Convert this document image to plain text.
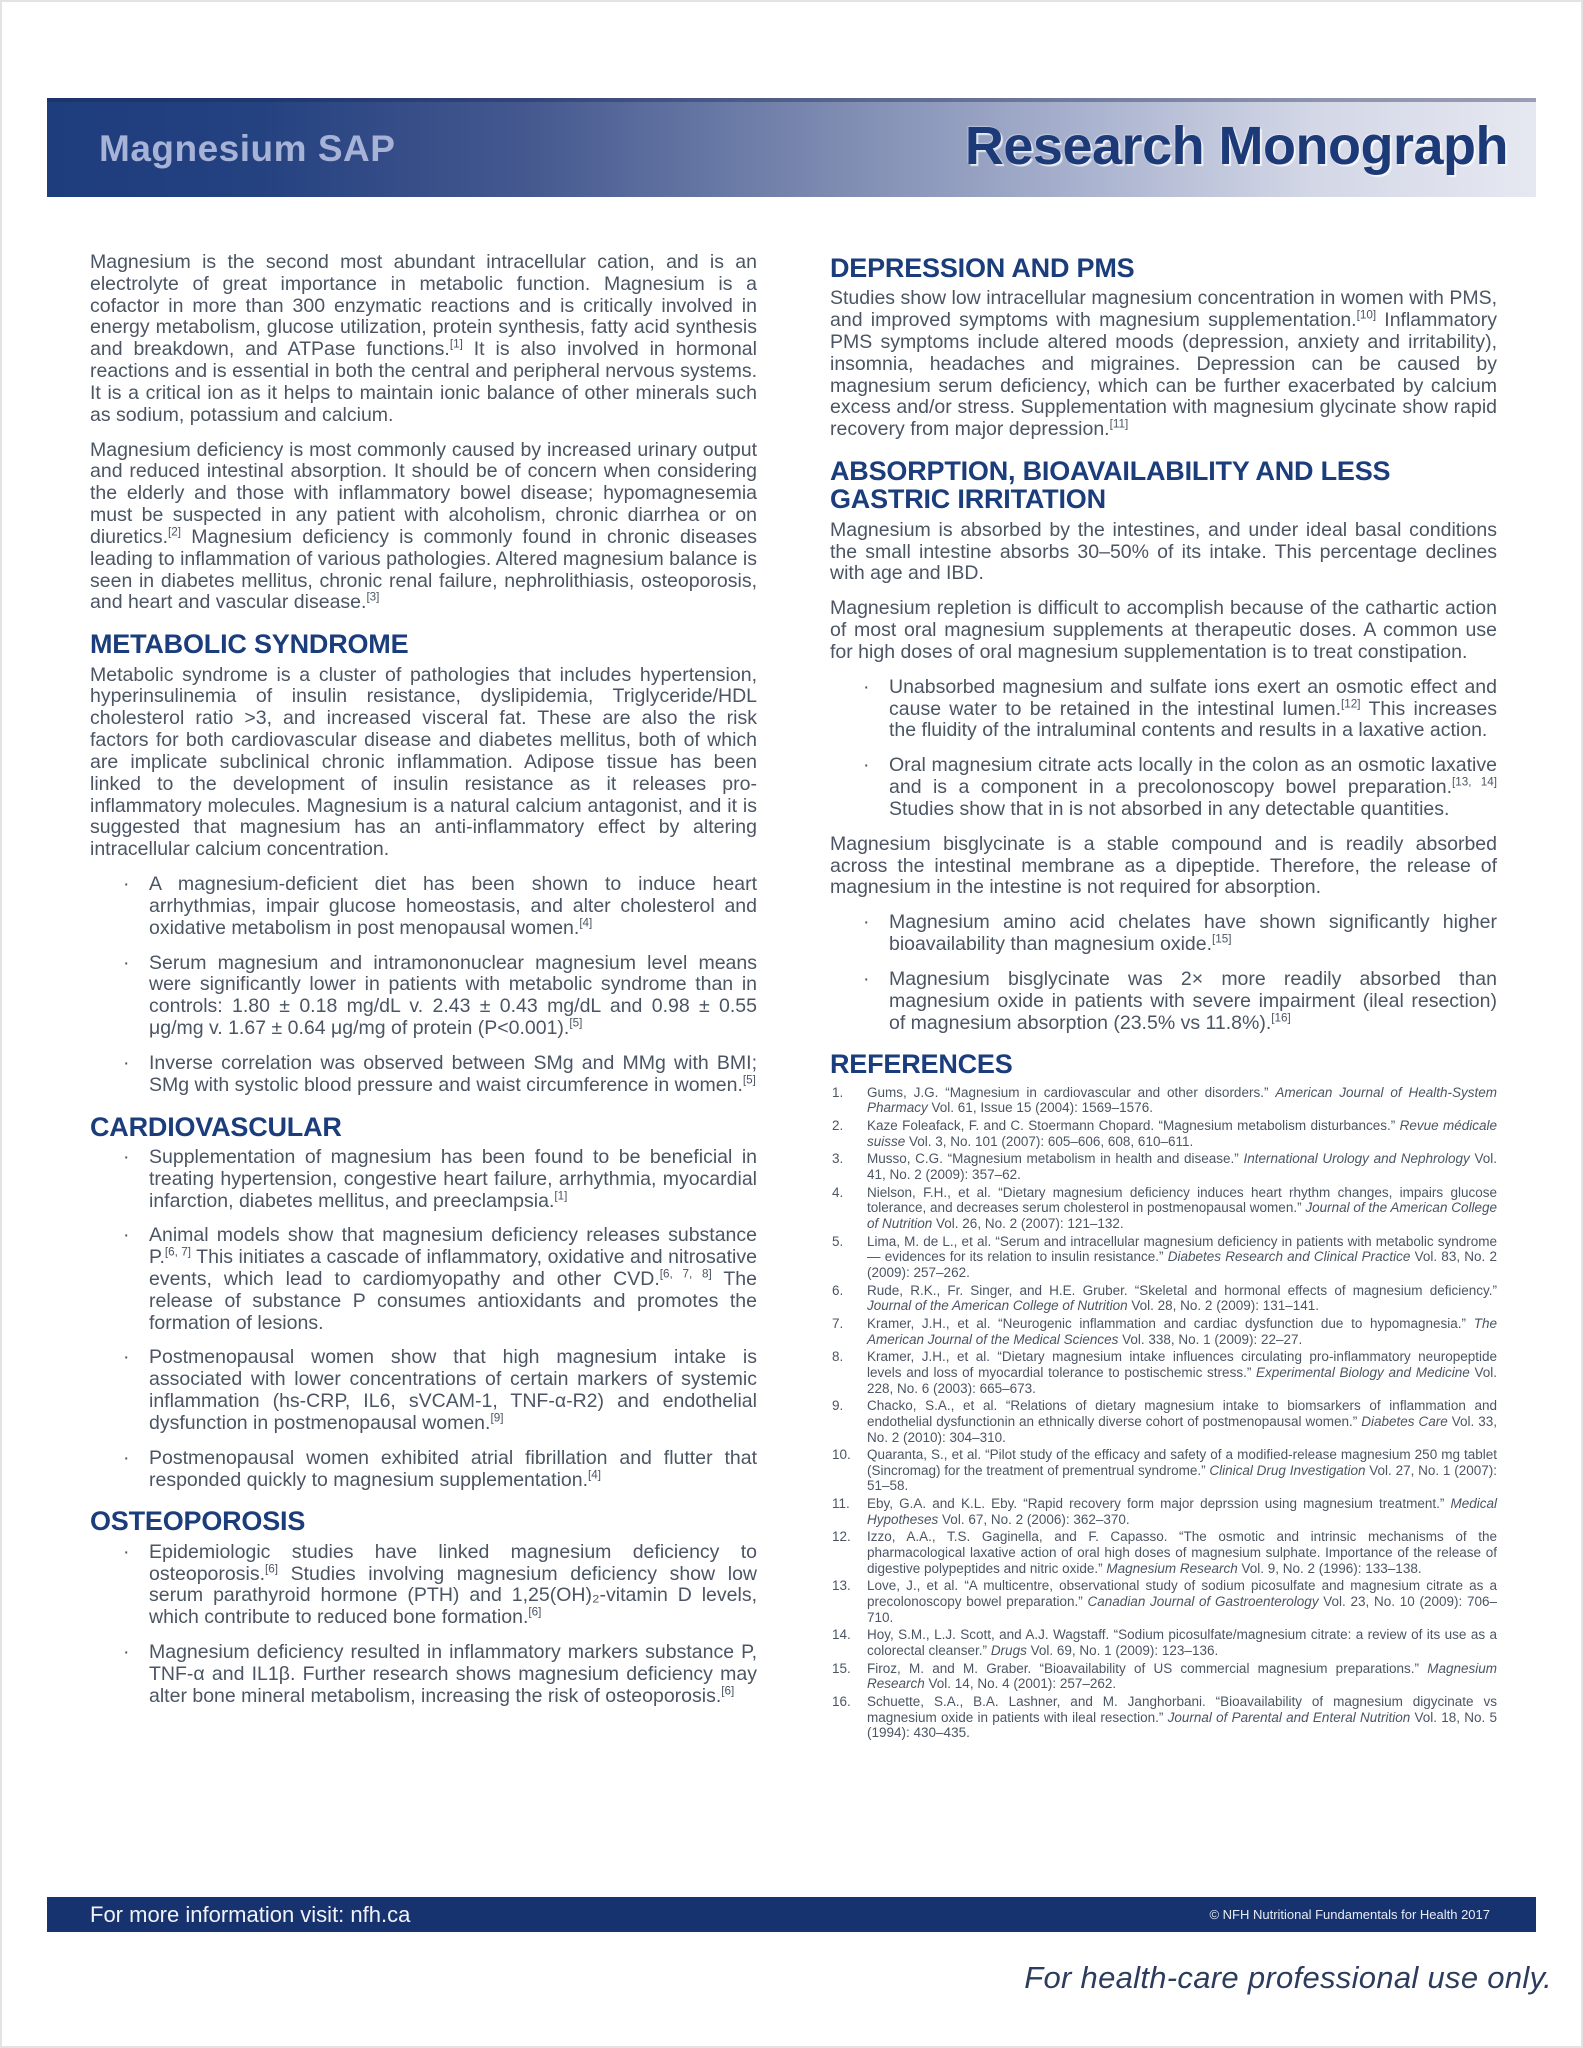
Magnesium SAP	Research Monograph

Magnesium is the second most abundant intracellular cation, and is an electrolyte of great importance in metabolic function. Magnesium is a cofactor in more than 300 enzymatic reactions and is critically involved in energy metabolism, glucose utilization, protein synthesis, fatty acid synthesis and breakdown, and ATPase functions.[1] It is also involved in hormonal reactions and is essential in both the central and peripheral nervous systems. It is a critical ion as it helps to maintain ionic balance of other minerals such as sodium, potassium and calcium.

Magnesium deficiency is most commonly caused by increased urinary output and reduced intestinal absorption. It should be of concern when considering the elderly and those with inflammatory bowel disease; hypomagnesemia must be suspected in any patient with alcoholism, chronic diarrhea or on diuretics.[2] Magnesium deficiency is commonly found in chronic diseases leading to inflammation of various pathologies. Altered magnesium balance is seen in diabetes mellitus, chronic renal failure, nephrolithiasis, osteoporosis, and heart and vascular disease.[3]

METABOLIC SYNDROME

Metabolic syndrome is a cluster of pathologies that includes hypertension, hyperinsulinemia of insulin resistance, dyslipidemia, Triglyceride/HDL cholesterol ratio >3, and increased visceral fat. These are also the risk factors for both cardiovascular disease and diabetes mellitus, both of which are implicate subclinical chronic inflammation. Adipose tissue has been linked to the development of insulin resistance as it releases pro-inflammatory molecules. Magnesium is a natural calcium antagonist, and it is suggested that magnesium has an anti-inflammatory effect by altering intracellular calcium concentration.

· A magnesium-deficient diet has been shown to induce heart arrhythmias, impair glucose homeostasis, and alter cholesterol and oxidative metabolism in post menopausal women.[4]

· Serum magnesium and intramononuclear magnesium level means were significantly lower in patients with metabolic syndrome than in controls: 1.80 ± 0.18 mg/dL v. 2.43 ± 0.43 mg/dL and 0.98 ± 0.55 μg/mg v. 1.67 ± 0.64 μg/mg of protein (P<0.001).[5]

· Inverse correlation was observed between SMg and MMg with BMI; SMg with systolic blood pressure and waist circumference in women.[5]

CARDIOVASCULAR
· Supplementation of magnesium has been found to be beneficial in treating hypertension, congestive heart failure, arrhythmia, myocardial infarction, diabetes mellitus, and preeclampsia.[1]

· Animal models show that magnesium deficiency releases substance P.[6, 7] This initiates a cascade of inflammatory, oxidative and nitrosative events, which lead to cardiomyopathy and other CVD.[6, 7, 8] The release of substance P consumes antioxidants and promotes the formation of lesions.

· Postmenopausal women show that high magnesium intake is associated with lower concentrations of certain markers of systemic inflammation (hs-CRP, IL6, sVCAM-1, TNF-α-R2) and endothelial dysfunction in postmenopausal women.[9]

· Postmenopausal women exhibited atrial fibrillation and flutter that responded quickly to magnesium supplementation.[4]

OSTEOPOROSIS
· Epidemiologic studies have linked magnesium deficiency to osteoporosis.[6] Studies involving magnesium deficiency show low serum parathyroid hormone (PTH) and 1,25(OH)₂-vitamin D levels, which contribute to reduced bone formation.[6]

· Magnesium deficiency resulted in inflammatory markers substance P, TNF-α and IL1β. Further research shows magnesium deficiency may alter bone mineral metabolism, increasing the risk of osteoporosis.[6]

DEPRESSION AND PMS

Studies show low intracellular magnesium concentration in women with PMS, and improved symptoms with magnesium supplementation.[10] Inflammatory PMS symptoms include altered moods (depression, anxiety and irritability), insomnia, headaches and migraines. Depression can be caused by magnesium serum deficiency, which can be further exacerbated by calcium excess and/or stress. Supplementation with magnesium glycinate show rapid recovery from major depression.[11]

ABSORPTION, BIOAVAILABILITY AND LESS GASTRIC IRRITATION

Magnesium is absorbed by the intestines, and under ideal basal conditions the small intestine absorbs 30–50% of its intake. This percentage declines with age and IBD.

Magnesium repletion is difficult to accomplish because of the cathartic action of most oral magnesium supplements at therapeutic doses. A common use for high doses of oral magnesium supplementation is to treat constipation.

· Unabsorbed magnesium and sulfate ions exert an osmotic effect and cause water to be retained in the intestinal lumen.[12] This increases the fluidity of the intraluminal contents and results in a laxative action.

· Oral magnesium citrate acts locally in the colon as an osmotic laxative and is a component in a precolonoscopy bowel preparation.[13, 14] Studies show that in is not absorbed in any detectable quantities.

Magnesium bisglycinate is a stable compound and is readily absorbed across the intestinal membrane as a dipeptide. Therefore, the release of magnesium in the intestine is not required for absorption.

· Magnesium amino acid chelates have shown significantly higher bioavailability than magnesium oxide.[15]

· Magnesium bisglycinate was 2× more readily absorbed than magnesium oxide in patients with severe impairment (ileal resection) of magnesium absorption (23.5% vs 11.8%).[16]

REFERENCES
Gums, J.G. “Magnesium in cardiovascular and other disorders.” American Journal of Health-System Pharmacy Vol. 61, Issue 15 (2004): 1569–1576.
Kaze Foleafack, F. and C. Stoermann Chopard. “Magnesium metabolism disturbances.” Revue médicale suisse Vol. 3, No. 101 (2007): 605–606, 608, 610–611.
Musso, C.G. “Magnesium metabolism in health and disease.” International Urology and Nephrology Vol. 41, No. 2 (2009): 357–62.
Nielson, F.H., et al. “Dietary magnesium deficiency induces heart rhythm changes, impairs glucose tolerance, and decreases serum cholesterol in postmenopausal women.” Journal of the American College of Nutrition Vol. 26, No. 2 (2007): 121–132.
Lima, M. de L., et al. “Serum and intracellular magnesium deficiency in patients with metabolic syndrome — evidences for its relation to insulin resistance.” Diabetes Research and Clinical Practice Vol. 83, No. 2 (2009): 257–262.
Rude, R.K., Fr. Singer, and H.E. Gruber. “Skeletal and hormonal effects of magnesium deficiency.” Journal of the American College of Nutrition Vol. 28, No. 2 (2009): 131–141.
Kramer, J.H., et al. “Neurogenic inflammation and cardiac dysfunction due to hypomagnesia.” The American Journal of the Medical Sciences Vol. 338, No. 1 (2009): 22–27.
Kramer, J.H., et al. “Dietary magnesium intake influences circulating pro-inflammatory neuropeptide levels and loss of myocardial tolerance to postischemic stress.” Experimental Biology and Medicine Vol. 228, No. 6 (2003): 665–673.
Chacko, S.A., et al. “Relations of dietary magnesium intake to biomsarkers of inflammation and endothelial dysfunctionin an ethnically diverse cohort of postmenopausal women.” Diabetes Care Vol. 33, No. 2 (2010): 304–310.
Quaranta, S., et al. “Pilot study of the efficacy and safety of a modified-release magnesium 250 mg tablet (Sincromag) for the treatment of prementrual syndrome.” Clinical Drug Investigation Vol. 27, No. 1 (2007): 51–58.
Eby, G.A. and K.L. Eby. “Rapid recovery form major deprssion using magnesium treatment.” Medical Hypotheses Vol. 67, No. 2 (2006): 362–370.
Izzo, A.A., T.S. Gaginella, and F. Capasso. “The osmotic and intrinsic mechanisms of the pharmacological laxative action of oral high doses of magnesium sulphate. Importance of the release of digestive polypeptides and nitric oxide.” Magnesium Research Vol. 9, No. 2 (1996): 133–138.
Love, J., et al. “A multicentre, observational study of sodium picosulfate and magnesium citrate as a precolonoscopy bowel preparation.” Canadian Journal of Gastroenterology Vol. 23, No. 10 (2009): 706–710.
Hoy, S.M., L.J. Scott, and A.J. Wagstaff. “Sodium picosulfate/magnesium citrate: a review of its use as a colorectal cleanser.” Drugs Vol. 69, No. 1 (2009): 123–136.
Firoz, M. and M. Graber. “Bioavailability of US commercial magnesium preparations.” Magnesium Research Vol. 14, No. 4 (2001): 257–262.
Schuette, S.A., B.A. Lashner, and M. Janghorbani. “Bioavailability of magnesium digycinate vs magnesium oxide in patients with ileal resection.” Journal of Parental and Enteral Nutrition Vol. 18, No. 5 (1994): 430–435.
For more information visit: nfh.ca	© NFH Nutritional Fundamentals for Health 2017
For health-care professional use only.
